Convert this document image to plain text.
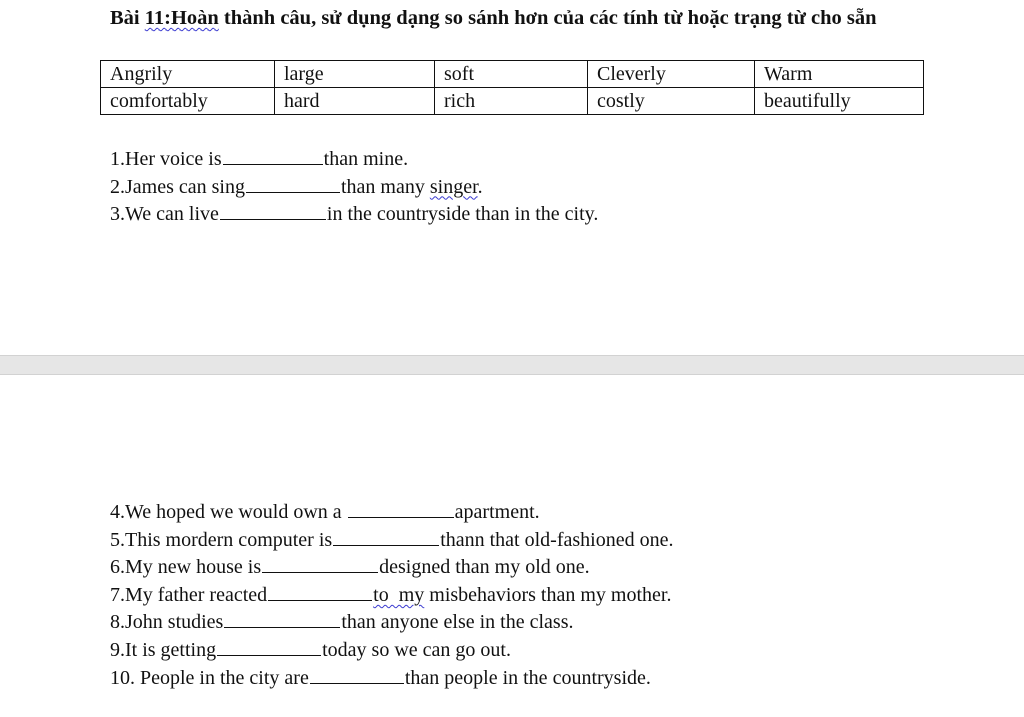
Bài 11:Hoàn thành câu, sử dụng dạng so sánh hơn của các tính từ hoặc trạng từ cho sẵn
Angrily	large	soft	Cleverly	Warm
comfortably	hard	rich	costly	beautifully

1.Her voice is	than mine.

2.James can sing	than many singer.

3.We can live	in the countryside than in the city.

4.We hoped we would own a	apartment.

5.This mordern computer is	thann that old-fashioned one.

6.My new house is	designed than my old one.

7.My father reacted	to  my misbehaviors than my mother.

8.John studies	than anyone else in the class.

9.It is getting	today so we can go out.

10. People in the city are	than people in the countryside.
